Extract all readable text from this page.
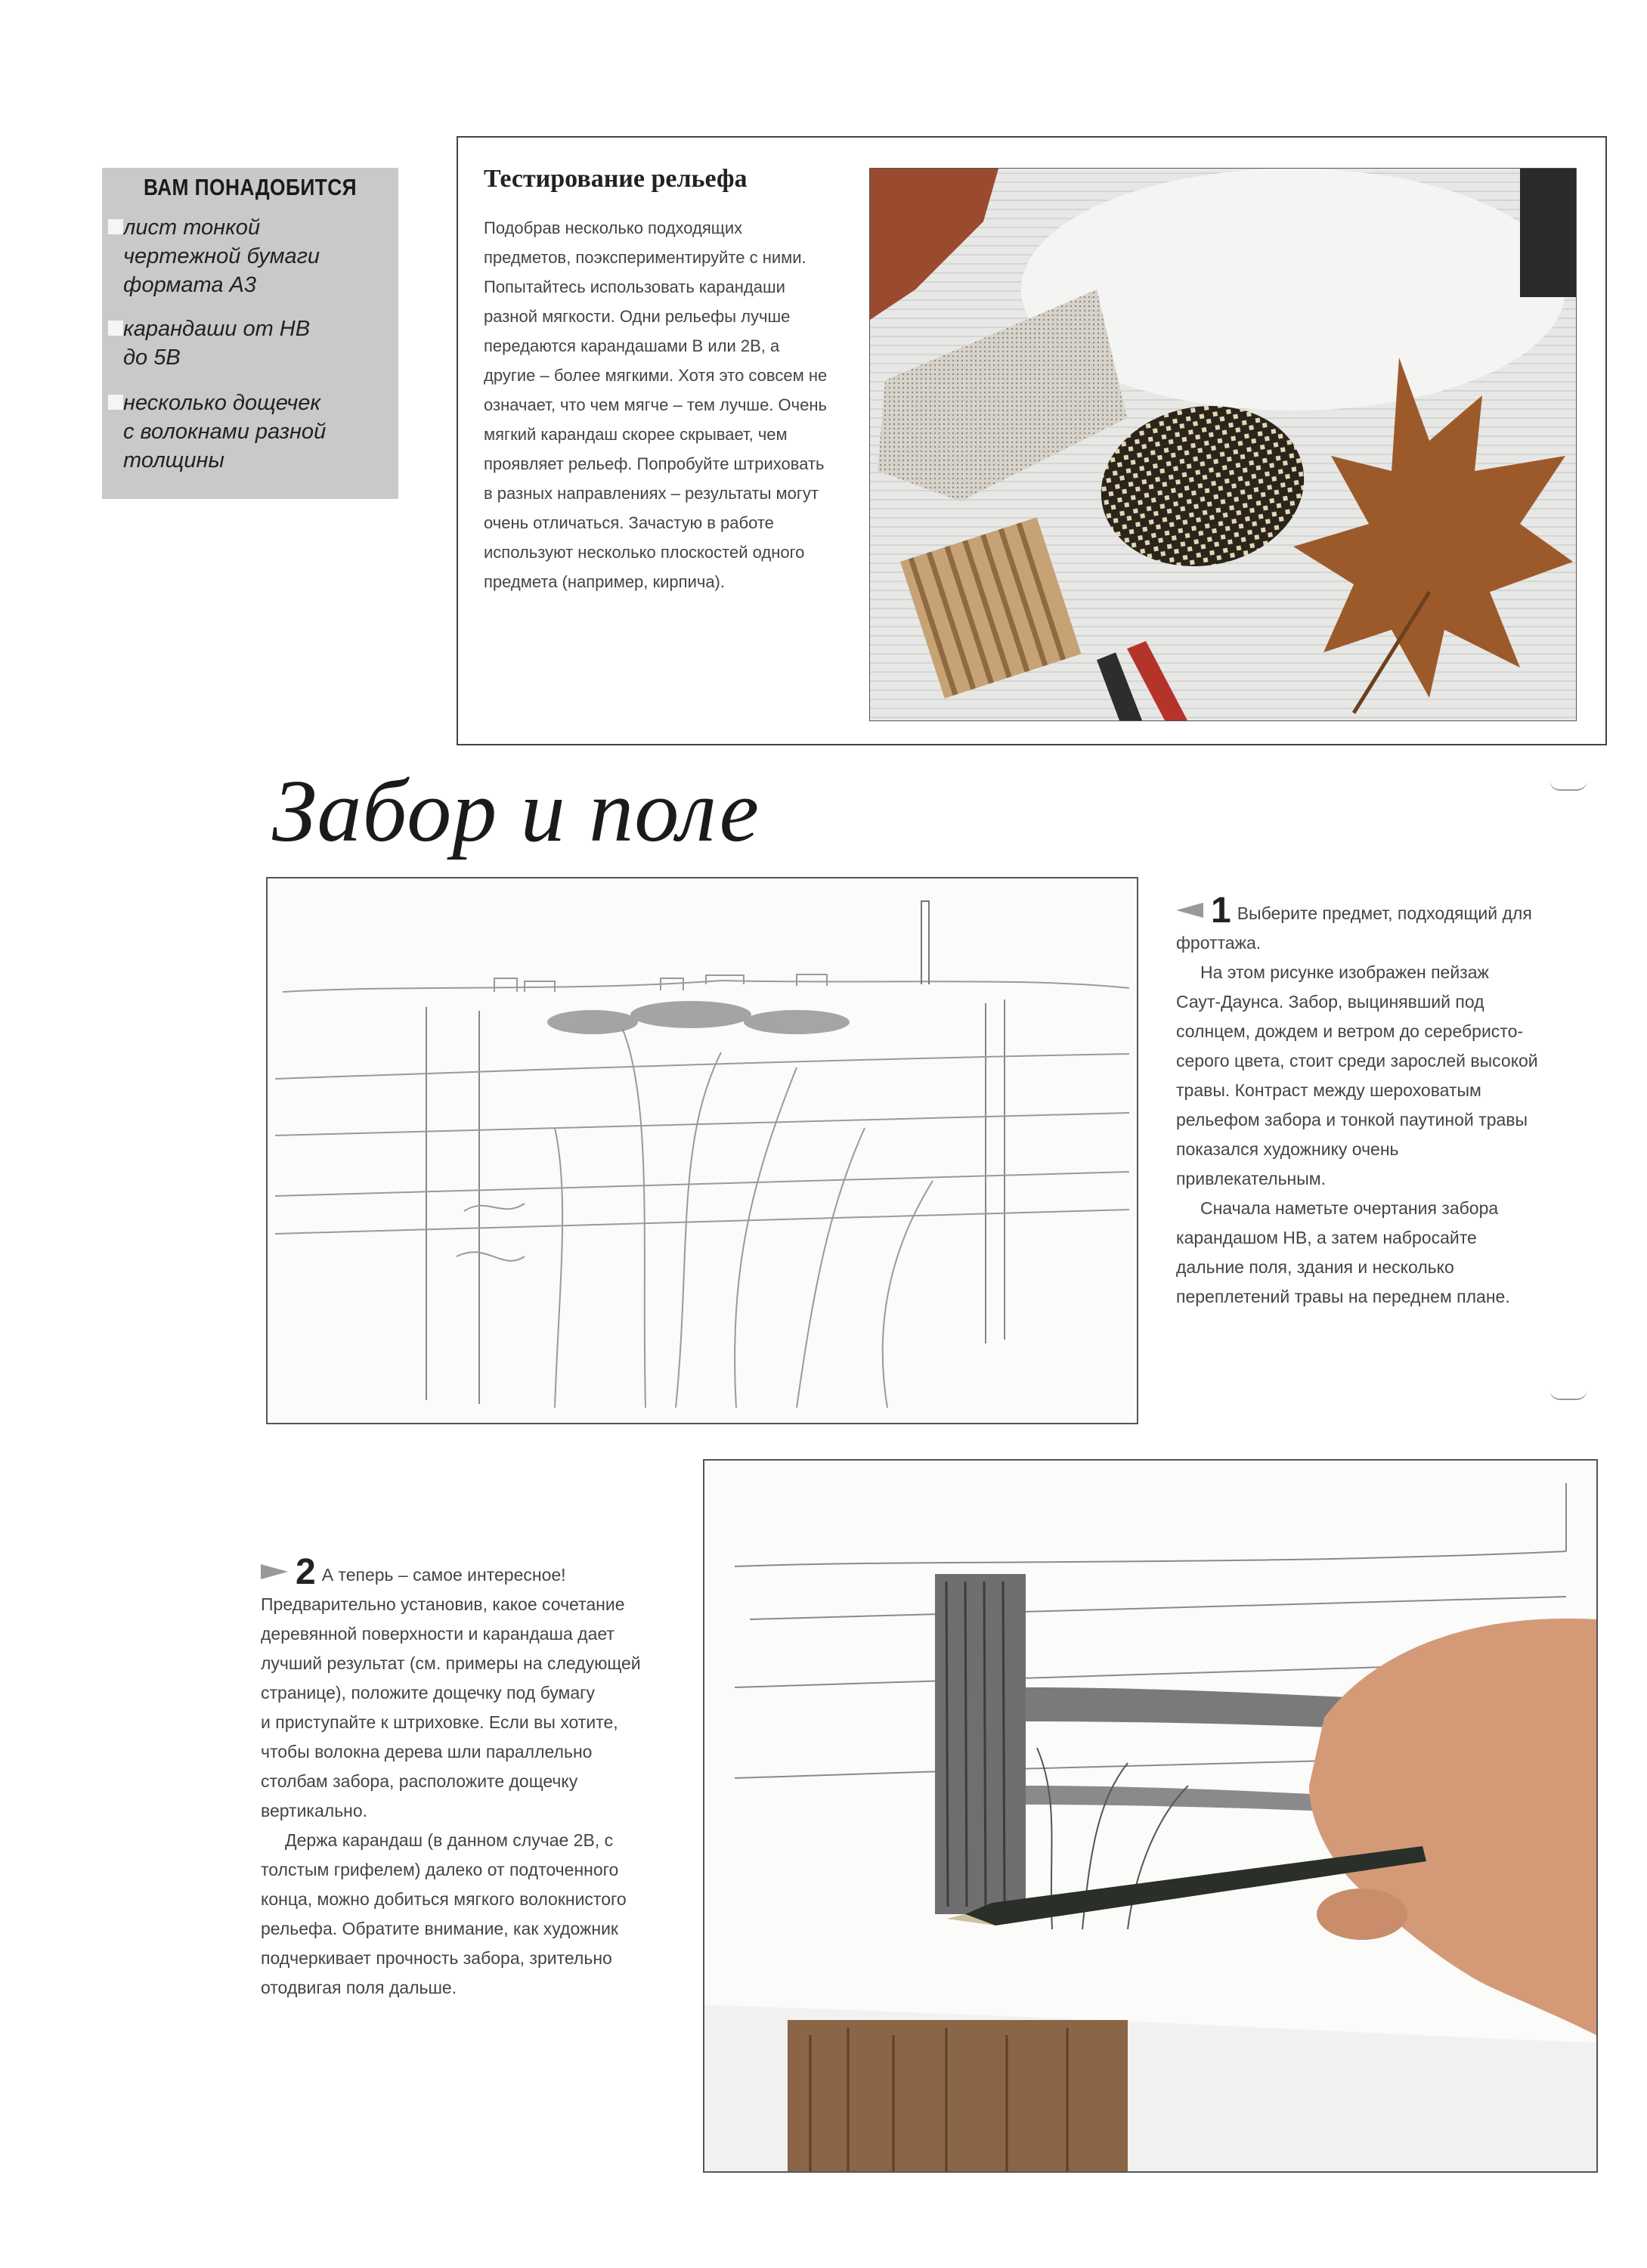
ВАМ ПОНАДОБИТСЯ
лист тонкой
чертежной бумаги
формата А3
карандаши от НВ
до 5В
несколько дощечек
с волокнами разной
толщины
Тестирование рельефа
Подобрав несколько подходящих
предметов, поэкспериментируйте с ними.
Попытайтесь использовать карандаши
разной мягкости. Одни рельефы лучше
передаются карандашами В или 2В, а
другие – более мягкими. Хотя это совсем не
означает, что чем мягче – тем лучше. Очень
мягкий карандаш скорее скрывает, чем
проявляет рельеф. Попробуйте штриховать
в разных направлениях – результаты могут
очень отличаться. Зачастую в работе
используют несколько плоскостей одного
предмета (например, кирпича).
Забор и поле
1 Выберите предмет, подходящий для
фроттажа.
На этом рисунке изображен пейзаж
Саут-Даунса. Забор, выцинявший под
солнцем, дождем и ветром до серебристо-
серого цвета, стоит среди зарослей высокой
травы. Контраст между шероховатым
рельефом забора и тонкой паутиной травы
показался художнику очень
привлекательным.
Сначала наметьте очертания забора
карандашом НВ, а затем набросайте
дальние поля, здания и несколько
переплетений травы на переднем плане.
2 А теперь – самое интересное!
Предварительно установив, какое сочетание
деревянной поверхности и карандаша дает
лучший результат (см. примеры на следующей
странице), положите дощечку под бумагу
и приступайте к штриховке. Если вы хотите,
чтобы волокна дерева шли параллельно
столбам забора, расположите дощечку
вертикально.
Держа карандаш (в данном случае 2В, с
толстым грифелем) далеко от подточенного
конца, можно добиться мягкого волокнистого
рельефа. Обратите внимание, как художник
подчеркивает прочность забора, зрительно
отодвигая поля дальше.
